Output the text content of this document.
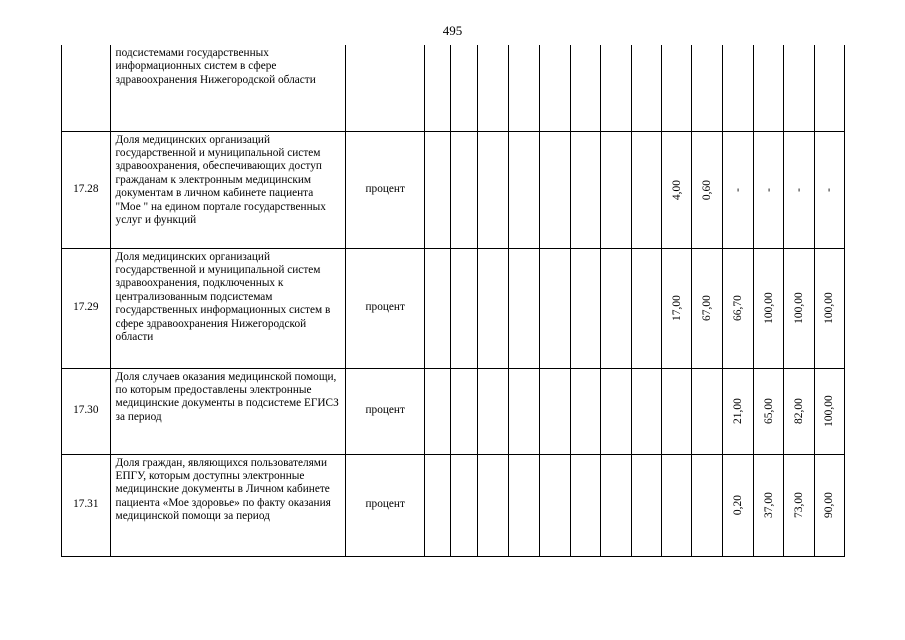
495
	подсистемами государственных информационных систем в сфере здравоохранения Нижегородской области		

17.28	Доля медицинских организаций государственной и муниципальной систем здравоохранения, обеспечивающих доступ гражданам к электронным медицинским документам в личном кабинете пациента "Мое " на едином портале государственных услуг и функций	процент									4,00	0,60	-	-	-	-

17.29	Доля медицинских организаций государственной и муниципальной систем здравоохранения, подключенных к централизованным подсистемам государственных информационных систем в сфере здравоохранения Нижегородской области	процент									17,00	67,00	66,70	100,00	100,00	100,00

17.30	Доля случаев оказания медицинской помощи, по которым предоставлены электронные медицинские документы в подсистеме ЕГИСЗ за период	процент											21,00	65,00	82,00	100,00

17.31	Доля граждан, являющихся пользователями ЕПГУ, которым доступны электронные медицинские документы в Личном кабинете пациента «Мое здоровье» по факту оказания медицинской помощи за период	процент											0,20	37,00	73,00	90,00
